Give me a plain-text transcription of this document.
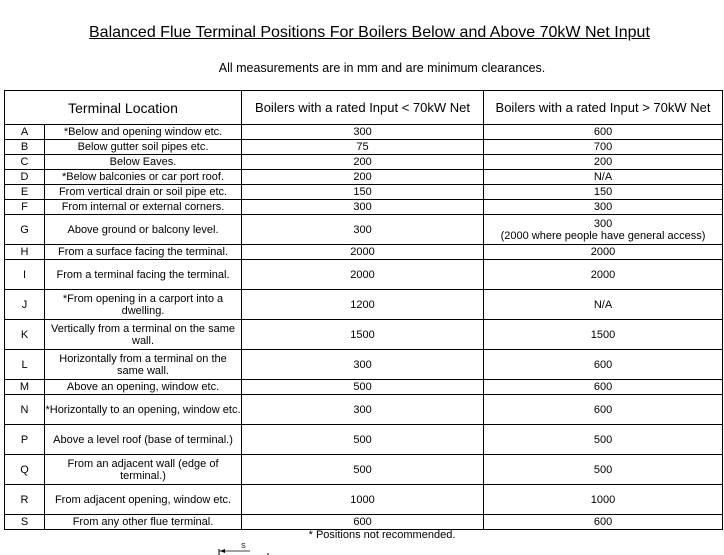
Balanced Flue Terminal Positions For Boilers Below and Above 70kW Net Input
All measurements are in mm and are minimum clearances.
Terminal Location		Boilers with a rated Input < 70kW Net	Boilers with a rated Input > 70kW Net
A	*Below and opening window etc.	300	600
B	Below gutter soil pipes etc.	75	700
C	Below Eaves.	200	200
D	*Below balconies or car port roof.	200	N/A
E	From vertical drain or soil pipe etc.	150	150
F	From internal or external corners.	300	300
G	Above ground or balcony level.	300	300
(2000 where people have general access)

H	From a surface facing the terminal.	2000	2000
I	From a terminal facing the terminal.	2000	2000
J	*From opening in a carport into a dwelling.	1200	N/A
K	Vertically from a terminal on the same wall.	1500	1500
L	Horizontally from a terminal on the same wall.	300	600
M	Above an opening, window etc.	500	600
N	*Horizontally to an opening, window etc.	300	600
P	Above a level roof (base of terminal.)	500	500
Q	From an adjacent wall (edge of terminal.)	500	500
R	From adjacent opening, window etc.	1000	1000
S	From any other flue terminal.	600	600
* Positions not recommended.
S
